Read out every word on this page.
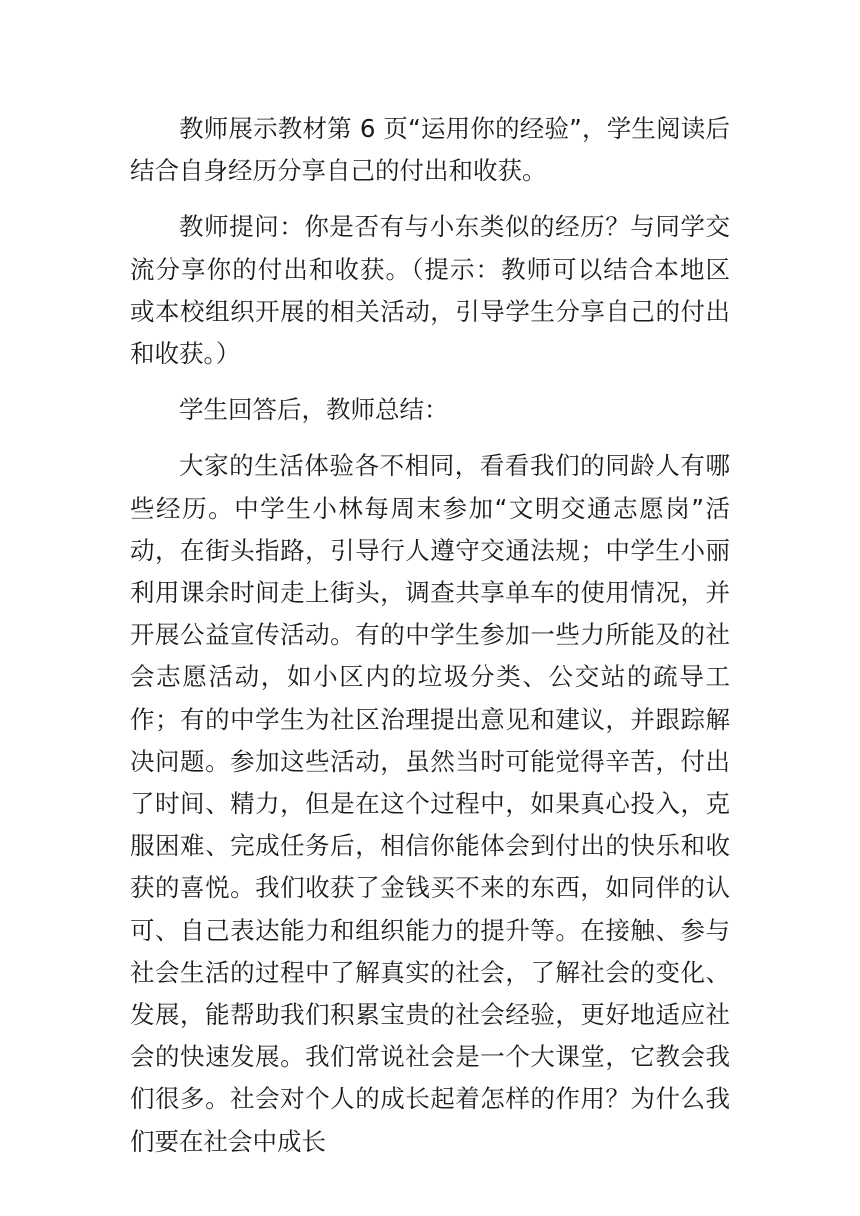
教师展示教材第 6 页“运用你的经验”，学生阅读后结合自身经历分享自己的付出和收获。

教师提问：你是否有与小东类似的经历？与同学交流分享你的付出和收获。（提示：教师可以结合本地区或本校组织开展的相关活动，引导学生分享自己的付出和收获。）

学生回答后，教师总结：

大家的生活体验各不相同，看看我们的同龄人有哪些经历。中学生小林每周末参加“文明交通志愿岗”活动，在街头指路，引导行人遵守交通法规；中学生小丽利用课余时间走上街头，调查共享单车的使用情况，并开展公益宣传活动。有的中学生参加一些力所能及的社会志愿活动，如小区内的垃圾分类、公交站的疏导工作；有的中学生为社区治理提出意见和建议，并跟踪解决问题。参加这些活动，虽然当时可能觉得辛苦，付出了时间、精力，但是在这个过程中，如果真心投入，克服困难、完成任务后，相信你能体会到付出的快乐和收获的喜悦。我们收获了金钱买不来的东西，如同伴的认可、自己表达能力和组织能力的提升等。在接触、参与社会生活的过程中了解真实的社会，了解社会的变化、发展，能帮助我们积累宝贵的社会经验，更好地适应社会的快速发展。我们常说社会是一个大课堂，它教会我们很多。社会对个人的成长起着怎样的作用？为什么我们要在社会中成长
